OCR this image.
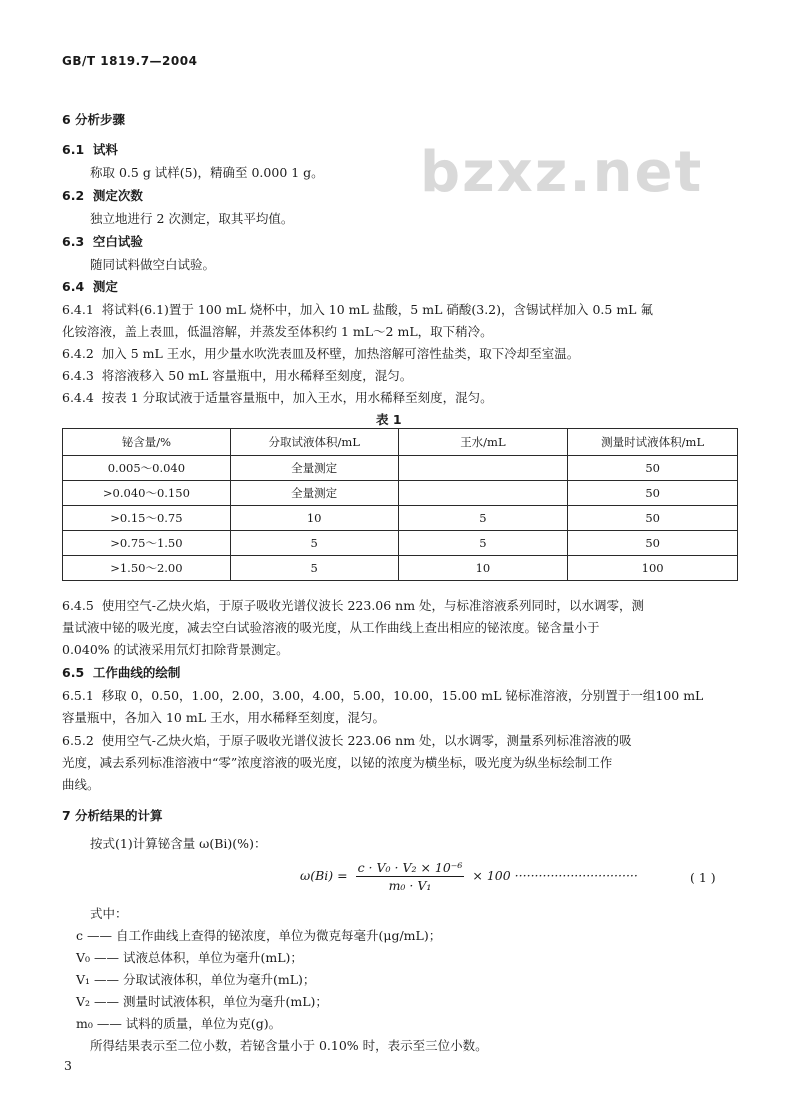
GB/T 1819.7—2004
bzxz.net
6 分析步骤
6.1 试料
称取 0.5 g 试样(5)，精确至 0.000 1 g。
6.2 测定次数
独立地进行 2 次测定，取其平均值。
6.3 空白试验
随同试料做空白试验。
6.4 测定
6.4.1 将试料(6.1)置于 100 mL 烧杯中，加入 10 mL 盐酸，5 mL 硝酸(3.2)，含锡试样加入 0.5 mL 氟
化铵溶液，盖上表皿，低温溶解，并蒸发至体积约 1 mL～2 mL，取下稍冷。
6.4.2 加入 5 mL 王水，用少量水吹洗表皿及杯壁，加热溶解可溶性盐类，取下冷却至室温。
6.4.3 将溶液移入 50 mL 容量瓶中，用水稀释至刻度，混匀。
6.4.4 按表 1 分取试液于适量容量瓶中，加入王水，用水稀释至刻度，混匀。
表 1
铋含量/%	分取试液体积/mL	王水/mL	测量时试液体积/mL
0.005～0.040	全量测定		50
>0.040～0.150	全量测定		50
>0.15～0.75	10	5	50
>0.75～1.50	5	5	50
>1.50～2.00	5	10	100
6.4.5 使用空气-乙炔火焰，于原子吸收光谱仪波长 223.06 nm 处，与标准溶液系列同时，以水调零，测
量试液中铋的吸光度，减去空白试验溶液的吸光度，从工作曲线上查出相应的铋浓度。铋含量小于
0.040% 的试液采用氘灯扣除背景测定。
6.5 工作曲线的绘制
6.5.1 移取 0，0.50，1.00，2.00，3.00，4.00，5.00，10.00，15.00 mL 铋标准溶液，分别置于一组100 mL
容量瓶中，各加入 10 mL 王水，用水稀释至刻度，混匀。
6.5.2 使用空气-乙炔火焰，于原子吸收光谱仪波长 223.06 nm 处，以水调零，测量系列标准溶液的吸
光度，减去系列标准溶液中“零”浓度溶液的吸光度，以铋的浓度为横坐标，吸光度为纵坐标绘制工作
曲线。
7 分析结果的计算
按式(1)计算铋含量 ω(Bi)(%)：
$\omega(Bi) = \frac{\text{c · V₀ · V₂ × 10⁻⁶}}{\text{m₀ · V₁}} \times 100$ ·······························	( 1 )
式中：
c —— 自工作曲线上查得的铋浓度，单位为微克每毫升(μg/mL)；
V₀ —— 试液总体积，单位为毫升(mL)；
V₁ —— 分取试液体积，单位为毫升(mL)；
V₂ —— 测量时试液体积，单位为毫升(mL)；
m₀ —— 试料的质量，单位为克(g)。
所得结果表示至二位小数，若铋含量小于 0.10% 时，表示至三位小数。
3
